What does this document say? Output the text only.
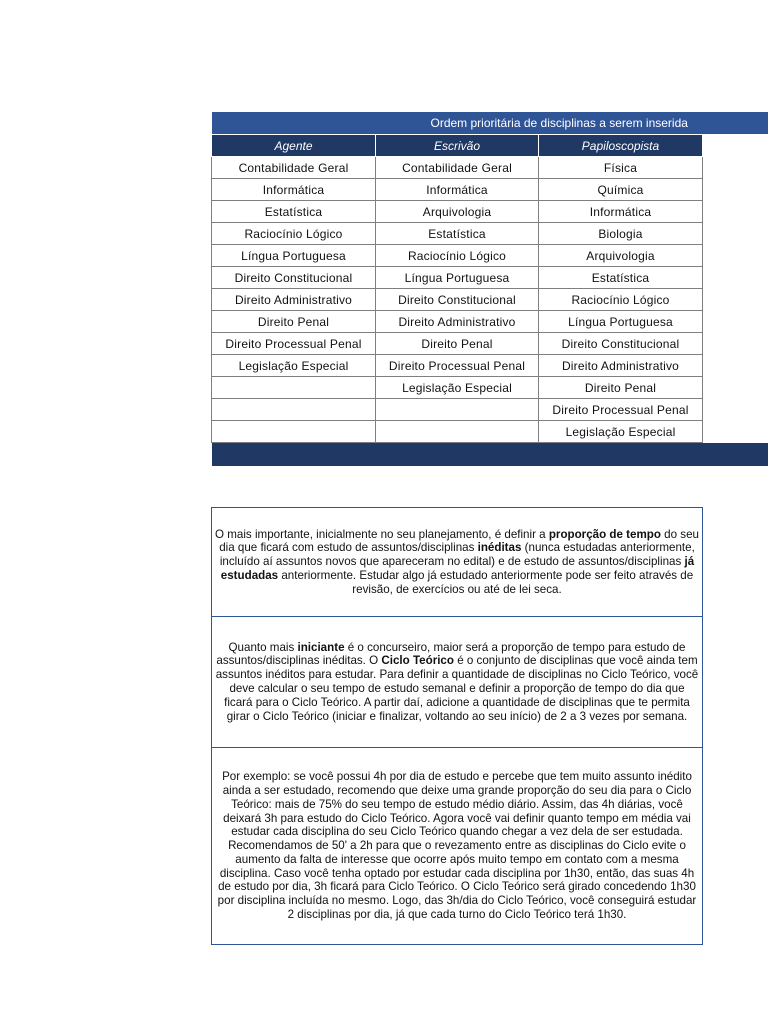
Ordem prioritária de disciplinas a serem inserida			
Agente	Escrivão	Papiloscopista	
Contabilidade Geral	Contabilidade Geral	Física	
Informática	Informática	Química	
Estatística	Arquivologia	Informática	
Raciocínio Lógico	Estatística	Biologia	
Língua Portuguesa	Raciocínio Lógico	Arquivologia	
Direito Constitucional	Língua Portuguesa	Estatística	
Direito Administrativo	Direito Constitucional	Raciocínio Lógico	
Direito Penal	Direito Administrativo	Língua Portuguesa	
Direito Processual Penal	Direito Penal	Direito Constitucional	
Legislação Especial	Direito Processual Penal	Direito Administrativo	
	Legislação Especial	Direito Penal	
		Direito Processual Penal	
		Legislação Especial	

O mais importante, inicialmente no seu planejamento, é definir a proporção de tempo do seu dia que ficará com estudo de assuntos/disciplinas inéditas (nunca estudadas anteriormente, incluído aí assuntos novos que apareceram no edital) e de estudo de assuntos/disciplinas já estudadas anteriormente. Estudar algo já estudado anteriormente pode ser feito através de revisão, de exercícios ou até de lei seca.

Quanto mais iniciante é o concurseiro, maior será a proporção de tempo para estudo de assuntos/disciplinas inéditas. O Ciclo Teórico é o conjunto de disciplinas que você ainda tem assuntos inéditos para estudar. Para definir a quantidade de disciplinas no Ciclo Teórico, você deve calcular o seu tempo de estudo semanal e definir a proporção de tempo do dia que ficará para o Ciclo Teórico. A partir daí, adicione a quantidade de disciplinas que te permita girar o Ciclo Teórico (iniciar e finalizar, voltando ao seu início) de 2 a 3 vezes por semana.

Por exemplo: se você possui 4h por dia de estudo e percebe que tem muito assunto inédito ainda a ser estudado, recomendo que deixe uma grande proporção do seu dia para o Ciclo Teórico: mais de 75% do seu tempo de estudo médio diário. Assim, das 4h diárias, você deixará 3h para estudo do Ciclo Teórico. Agora você vai definir quanto tempo em média vai estudar cada disciplina do seu Ciclo Teórico quando chegar a vez dela de ser estudada. Recomendamos de 50' a 2h para que o revezamento entre as disciplinas do Ciclo evite o aumento da falta de interesse que ocorre após muito tempo em contato com a mesma disciplina. Caso você tenha optado por estudar cada disciplina por 1h30, então, das suas 4h de estudo por dia, 3h ficará para Ciclo Teórico. O Ciclo Teórico será girado concedendo 1h30 por disciplina incluída no mesmo. Logo, das 3h/dia do Ciclo Teórico, você conseguirá estudar 2 disciplinas por dia, já que cada turno do Ciclo Teórico terá 1h30.
